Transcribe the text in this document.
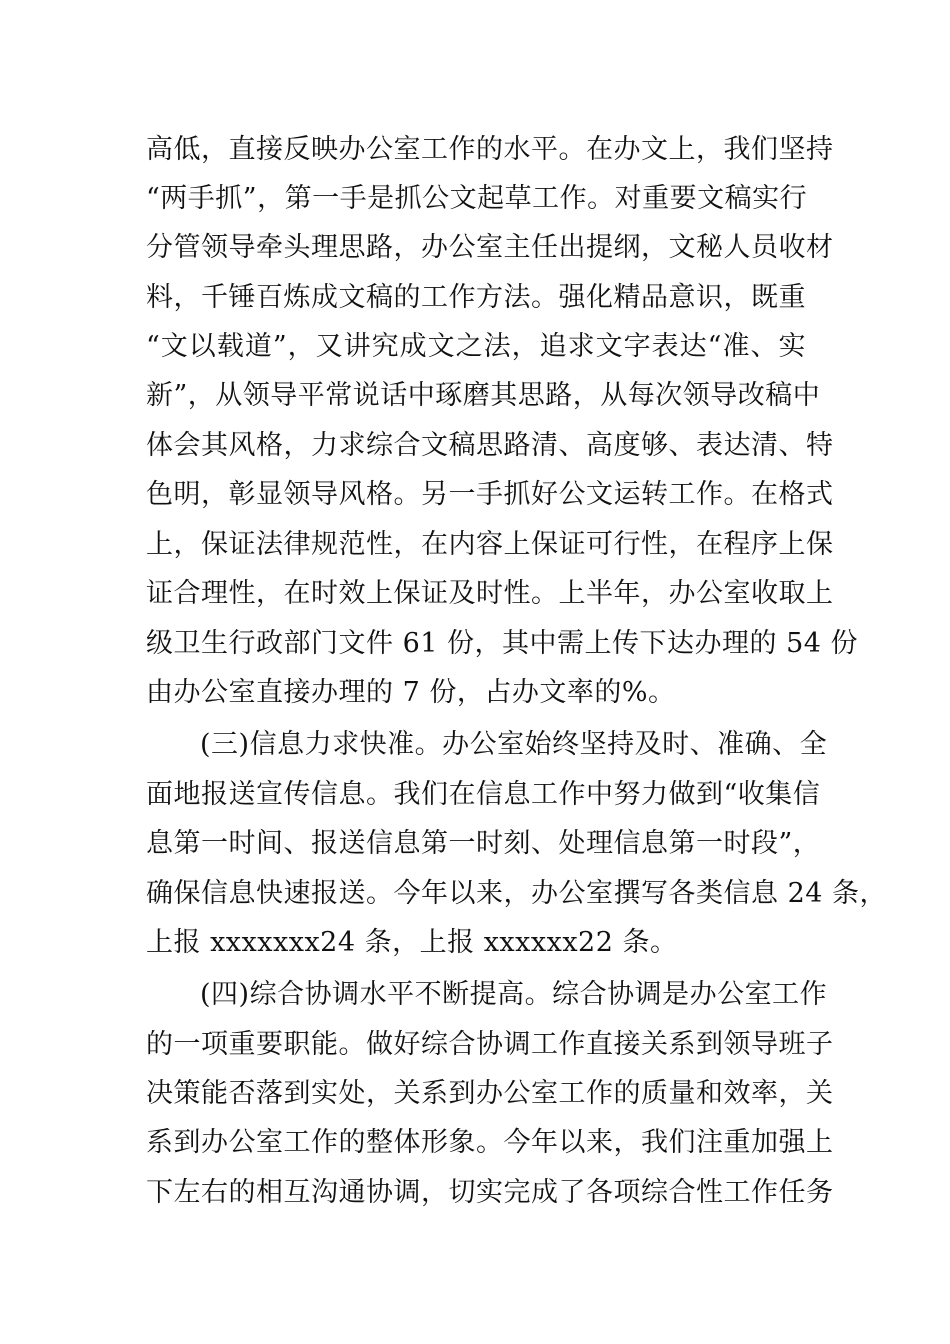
高低，直接反映办公室工作的水平。在办文上，我们坚持
“两手抓”，第一手是抓公文起草工作。对重要文稿实行
分管领导牵头理思路，办公室主任出提纲，文秘人员收材
料，千锤百炼成文稿的工作方法。强化精品意识，既重
“文以载道”，又讲究成文之法，追求文字表达“准、实
新”，从领导平常说话中琢磨其思路，从每次领导改稿中
体会其风格，力求综合文稿思路清、高度够、表达清、特
色明，彰显领导风格。另一手抓好公文运转工作。在格式
上，保证法律规范性，在内容上保证可行性，在程序上保
证合理性，在时效上保证及时性。上半年，办公室收取上
级卫生行政部门文件 61 份，其中需上传下达办理的 54 份
由办公室直接办理的 7 份，占办文率的%。
(三)信息力求快准。办公室始终坚持及时、准确、全
面地报送宣传信息。我们在信息工作中努力做到“收集信
息第一时间、报送信息第一时刻、处理信息第一时段”，
确保信息快速报送。今年以来，办公室撰写各类信息 24 条，
上报 xxxxxxx24 条，上报 xxxxxx22 条。
(四)综合协调水平不断提高。综合协调是办公室工作
的一项重要职能。做好综合协调工作直接关系到领导班子
决策能否落到实处，关系到办公室工作的质量和效率，关
系到办公室工作的整体形象。今年以来，我们注重加强上
下左右的相互沟通协调，切实完成了各项综合性工作任务
